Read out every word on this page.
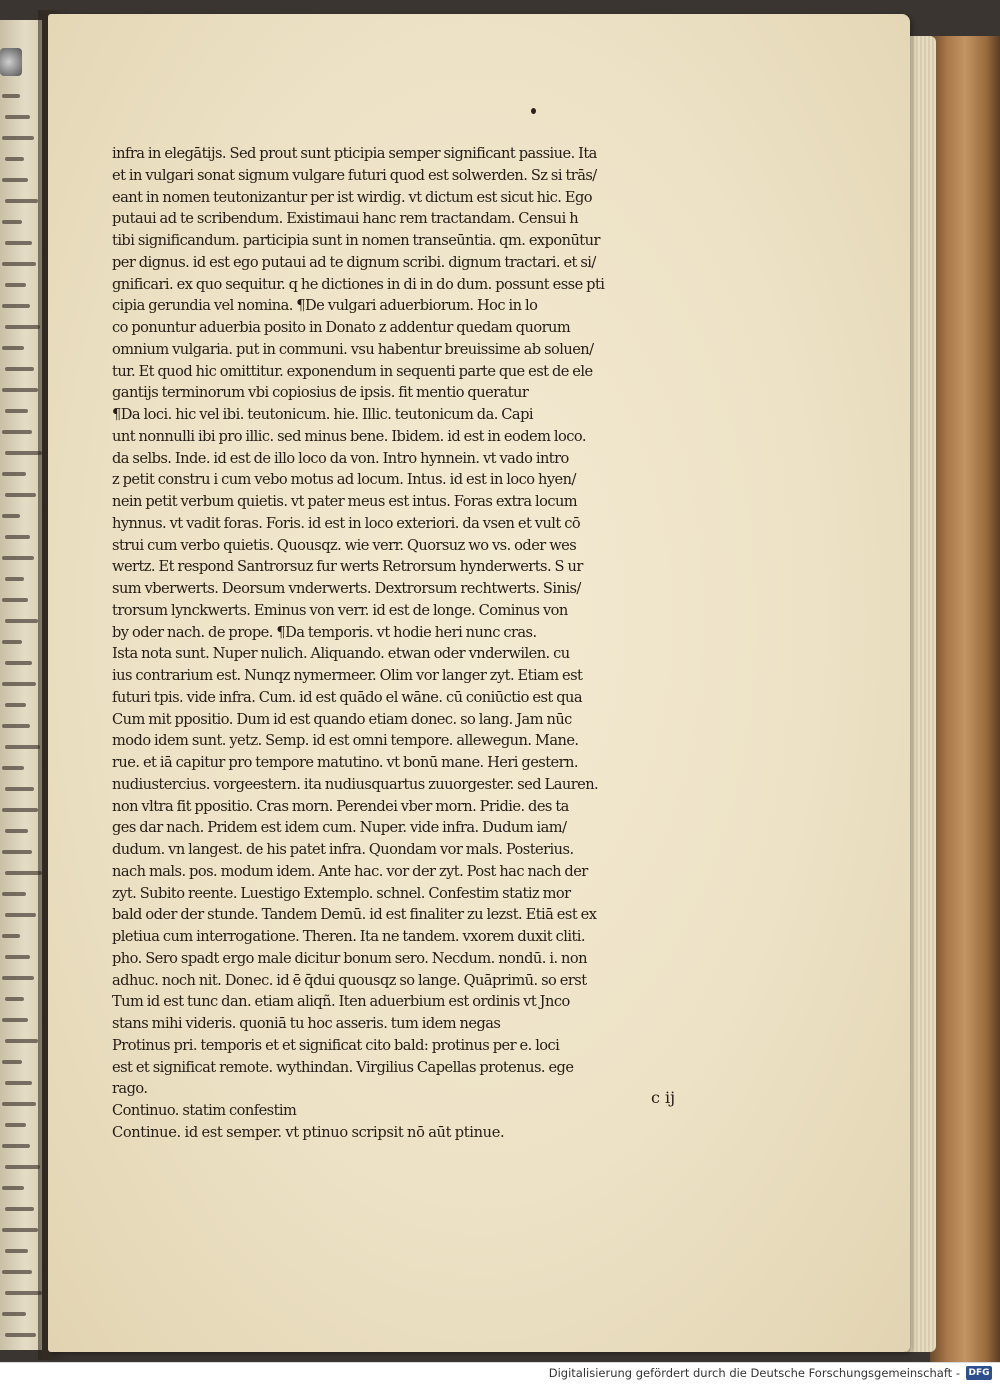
infra in elegātijs. Sed prout sunt pticipia semper significant passiue. Ita
et in vulgari sonat signum vulgare futuri quod est solwerden. Sz si trās/
eant in nomen teutonizantur per ist wirdig. vt dictum est sicut hic. Ego
putaui ad te scribendum. Existimaui hanc rem tractandam. Censui h
tibi significandum. participia sunt in nomen transeūntia. qm. exponūtur
per dignus. id est ego putaui ad te dignum scribi. dignum tractari. et si/
gnificari. ex quo sequitur. q he dictiones in di in do dum. possunt esse pti
cipia gerundia vel nomina. ¶De vulgari aduerbiorum. Hoc in lo
co ponuntur aduerbia posito in Donato z addentur quedam quorum
omnium vulgaria. put in communi. vsu habentur breuissime ab soluen/
tur. Et quod hic omittitur. exponendum in sequenti parte que est de ele
gantijs terminorum vbi copiosius de ipsis. fit mentio queratur
¶Da loci. hic vel ibi. teutonicum. hie. Illic. teutonicum da. Capi
unt nonnulli ibi pro illic. sed minus bene. Ibidem. id est in eodem loco.
da selbs. Inde. id est de illo loco da von. Intro hynnein. vt vado intro
z petit constru i cum vebo motus ad locum. Intus. id est in loco hyen/
nein petit verbum quietis. vt pater meus est intus. Foras extra locum
hynnus. vt vadit foras. Foris. id est in loco exteriori. da vsen et vult cō
strui cum verbo quietis. Quousqz. wie verr. Quorsuz wo vs. oder wes
wertz. Et respond Santrorsuz fur werts Retrorsum hynderwerts. S ur
sum vberwerts. Deorsum vnderwerts. Dextrorsum rechtwerts. Sinis/
trorsum lynckwerts. Eminus von verr. id est de longe. Cominus von
by oder nach. de prope. ¶Da temporis. vt hodie heri nunc cras.
Ista nota sunt. Nuper nulich. Aliquando. etwan oder vnderwilen. cu
ius contrarium est. Nunqz nymermeer. Olim vor langer zyt. Etiam est
futuri tpis. vide infra. Cum. id est quādo el wāne. cū coniūctio est qua
Cum mit ppositio. Dum id est quando etiam donec. so lang. Jam nūc
modo idem sunt. yetz. Semp. id est omni tempore. allewegun. Mane.
rue. et iā capitur pro tempore matutino. vt bonū mane. Heri gestern.
nudiustercius. vorgeestern. ita nudiusquartus zuuorgester. sed Lauren.
non vltra fit ppositio. Cras morn. Perendei vber morn. Pridie. des ta
ges dar nach. Pridem est idem cum. Nuper. vide infra. Dudum iam/
dudum. vn langest. de his patet infra. Quondam vor mals. Posterius.
nach mals. pos. modum idem. Ante hac. vor der zyt. Post hac nach der
zyt. Subito reente. Luestigo Extemplo. schnel. Confestim statiz mor
bald oder der stunde. Tandem Demū. id est finaliter zu lezst. Etiā est ex
pletiua cum interrogatione. Theren. Ita ne tandem. vxorem duxit cliti.
pho. Sero spadt ergo male dicitur bonum sero. Necdum. nondū. i. non
adhuc. noch nit. Donec. id ē q̄dui quousqz so lange. Quāprimū. so erst
Tum id est tunc dan. etiam aliqñ. Iten aduerbium est ordinis vt Jnco
stans mihi videris. quoniā tu hoc asseris. tum idem negas
Protinus pri. temporis et et significat cito bald: protinus per e. loci
est et significat remote. wythindan. Virgilius Capellas protenus. ege
rago.
Continuo. statim confestim
Continue. id est semper. vt ptinuo scripsit nō aūt ptinue.
c ij
Digitalisierung gefördert durch die Deutsche Forschungsgemeinschaft - DFG
